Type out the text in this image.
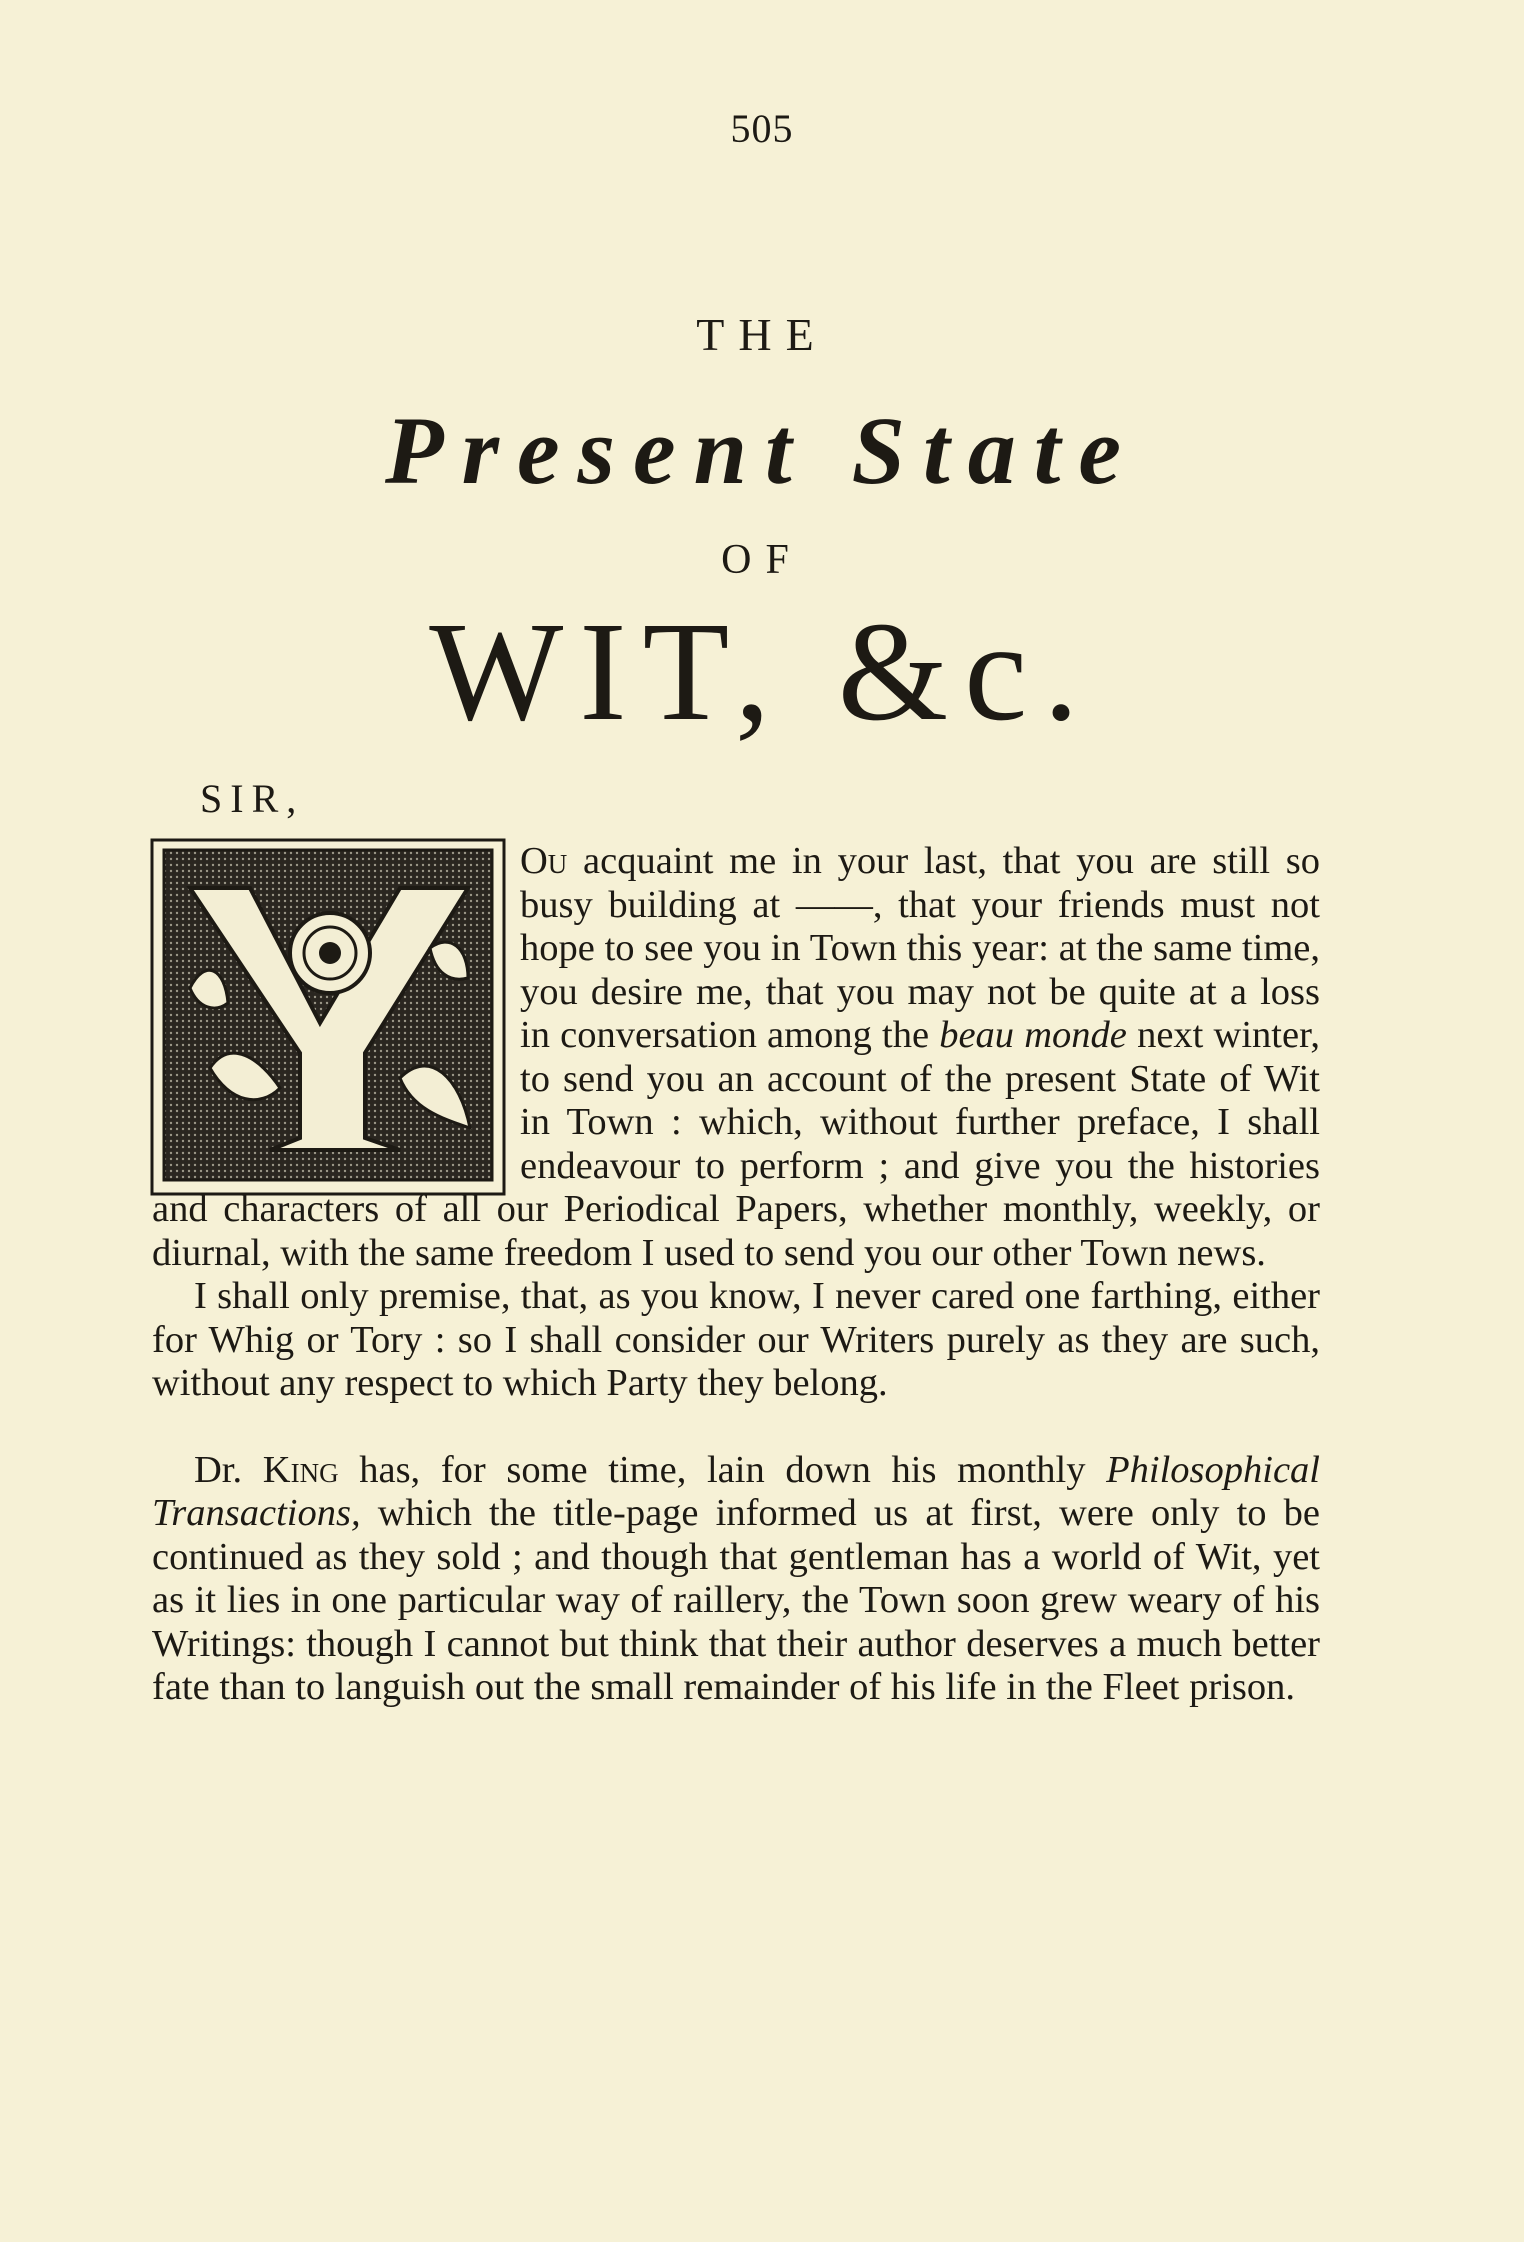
505
THE
Present State
OF
WIT, &c.
SIR,

Ou acquaint me in your last, that you are still so busy building at ——, that your friends must not hope to see you in Town this year: at the same time, you desire me, that you may not be quite at a loss in conversation among the beau monde next winter, to send you an account of the present State of Wit in Town : which, without further preface, I shall endeavour to perform ; and give you the histories and characters of all our Periodical Papers, whether monthly, weekly, or diurnal, with the same freedom I used to send you our other Town news.

I shall only premise, that, as you know, I never cared one farthing, either for Whig or Tory : so I shall consider our Writers purely as they are such, without any respect to which Party they belong.

Dr. King has, for some time, lain down his monthly Philosophical Transactions, which the title-page informed us at first, were only to be continued as they sold ; and though that gentleman has a world of Wit, yet as it lies in one particular way of raillery, the Town soon grew weary of his Writings: though I cannot but think that their author deserves a much better fate than to languish out the small remainder of his life in the Fleet prison.
